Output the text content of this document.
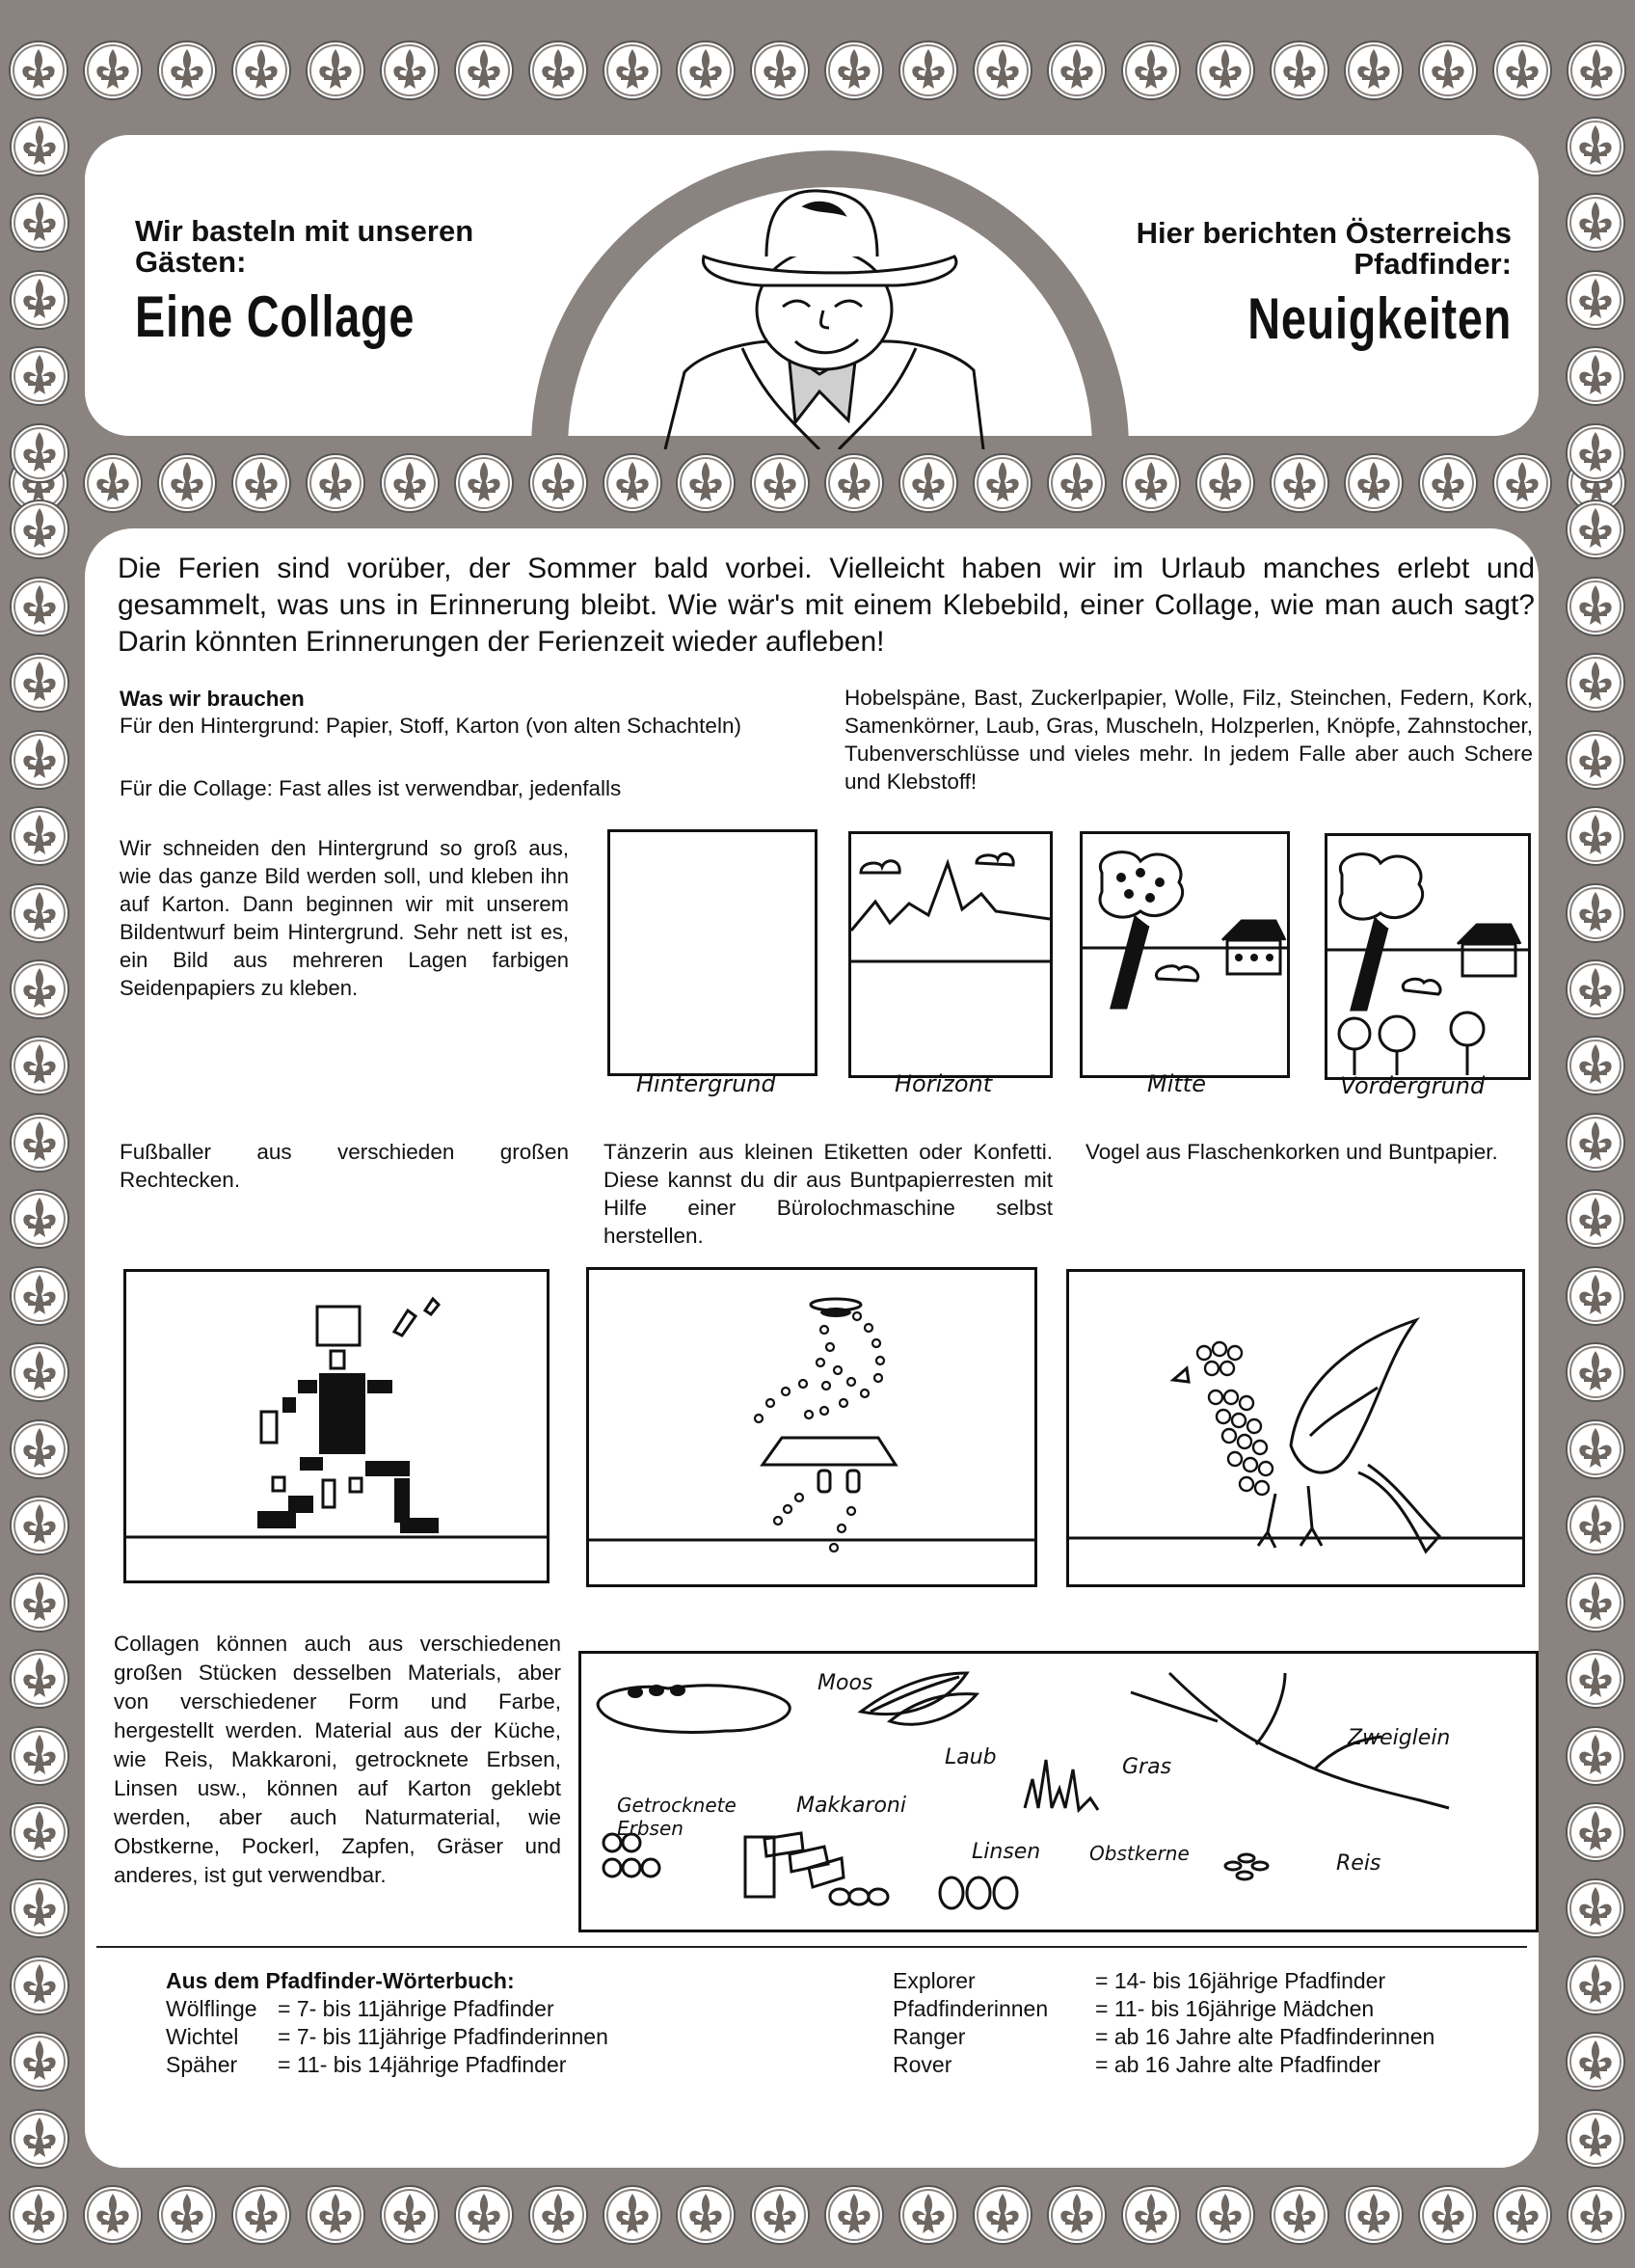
Wir basteln mit unseren Gästen:
Eine Collage
Hier berichten Österreichs Pfadfinder:
Neuigkeiten
Die Ferien sind vorüber, der Sommer bald vorbei. Vielleicht haben wir im Urlaub manches erlebt und gesammelt, was uns in Erinnerung bleibt. Wie wär's mit einem Klebebild, einer Collage, wie man auch sagt? Darin könnten Erinnerungen der Ferienzeit wieder aufleben!
Was wir brauchen
Für den Hintergrund: Papier, Stoff, Karton (von alten Schachteln)
Für die Collage: Fast alles ist verwendbar, jedenfalls
Hobelspäne, Bast, Zuckerlpapier, Wolle, Filz, Steinchen, Federn, Kork, Samenkörner, Laub, Gras, Muscheln, Holzperlen, Knöpfe, Zahnstocher, Tubenverschlüsse und vieles mehr. In jedem Falle aber auch Schere und Klebstoff!
Wir schneiden den Hintergrund so groß aus, wie das ganze Bild werden soll, und kleben ihn auf Karton. Dann beginnen wir mit unserem Bildentwurf beim Hintergrund. Sehr nett ist es, ein Bild aus mehreren Lagen farbigen Seidenpapiers zu kleben.
Hintergrund	Horizont	Mitte	Vordergrund
Fußballer aus verschieden großen Rechtecken.
Tänzerin aus kleinen Etiketten oder Konfetti. Diese kannst du dir aus Buntpapierresten mit Hilfe einer Bürolochmaschine selbst herstellen.
Vogel aus Flaschenkorken und Buntpapier.
Collagen können auch aus verschiedenen großen Stücken desselben Materials, aber von verschiedener Form und Farbe, hergestellt werden. Material aus der Küche, wie Reis, Makkaroni, getrocknete Erbsen, Linsen usw., können auf Karton geklebt werden, aber auch Naturmaterial, wie Obstkerne, Pockerl, Zapfen, Gräser und anderes, ist gut verwendbar.
Moos
Laub	Gras
Zweiglein
Getrocknete Erbsen
Makkaroni
Linsen	Obstkerne	Reis
Aus dem Pfadfinder-Wörterbuch:
Wölflinge = 7- bis 11jährige Pfadfinder
Wichtel	= 7- bis 11jährige Pfadfinderinnen
Späher	= 11- bis 14jährige Pfadfinder
Explorer	= 14- bis 16jährige Pfadfinder
Pfadfinderinnen	= 11- bis 16jährige Mädchen
Ranger	= ab 16 Jahre alte Pfadfinderinnen
Rover	= ab 16 Jahre alte Pfadfinder
